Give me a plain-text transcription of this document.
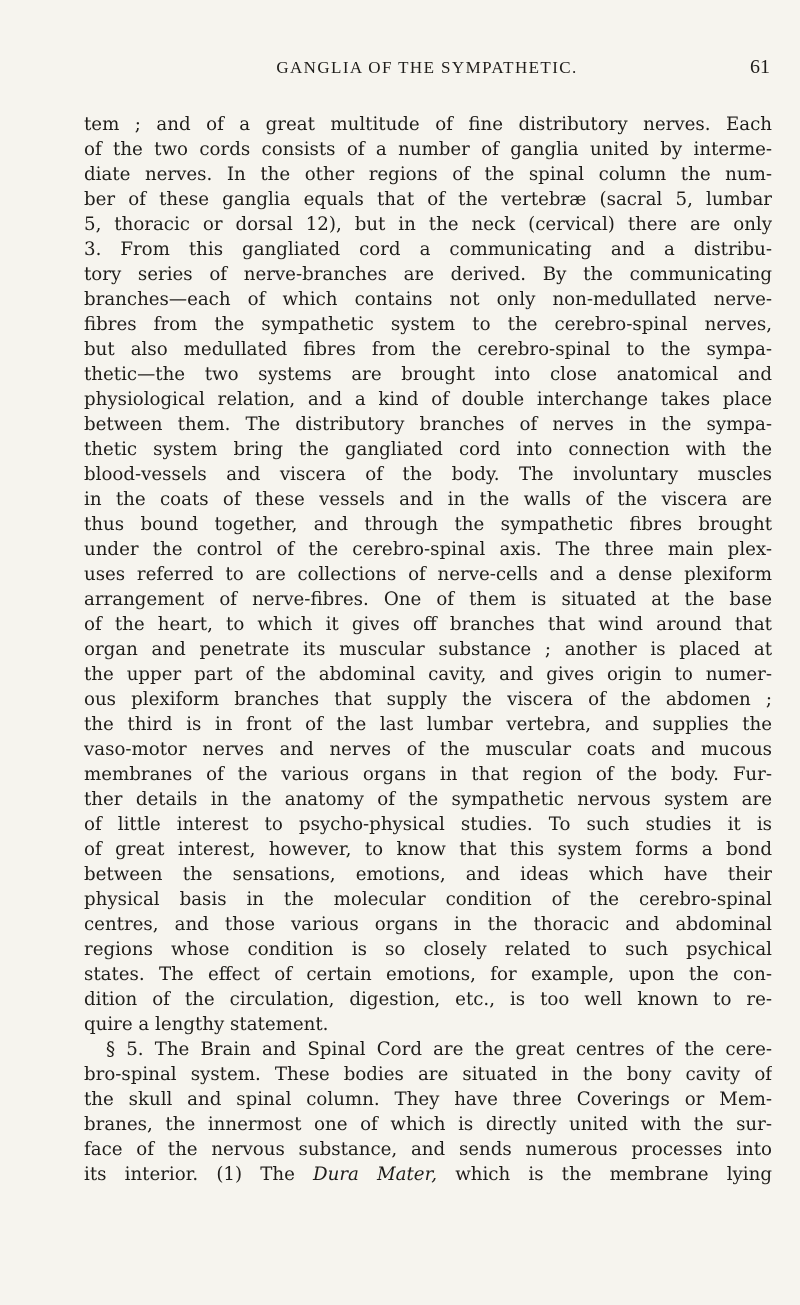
GANGLIA OF THE SYMPATHETIC.	61
tem ; and of a great multitude of fine distributory nerves. Each
of the two cords consists of a number of ganglia united by interme-
diate nerves. In the other regions of the spinal column the num-
ber of these ganglia equals that of the vertebræ (sacral 5, lumbar
5, thoracic or dorsal 12), but in the neck (cervical) there are only
3. From this gangliated cord a communicating and a distribu-
tory series of nerve-branches are derived. By the communicating
branches—each of which contains not only non-medullated nerve-
fibres from the sympathetic system to the cerebro-spinal nerves,
but also medullated fibres from the cerebro-spinal to the sympa-
thetic—the two systems are brought into close anatomical and
physiological relation, and a kind of double interchange takes place
between them. The distributory branches of nerves in the sympa-
thetic system bring the gangliated cord into connection with the
blood-vessels and viscera of the body. The involuntary muscles
in the coats of these vessels and in the walls of the viscera are
thus bound together, and through the sympathetic fibres brought
under the control of the cerebro-spinal axis. The three main plex-
uses referred to are collections of nerve-cells and a dense plexiform
arrangement of nerve-fibres. One of them is situated at the base
of the heart, to which it gives off branches that wind around that
organ and penetrate its muscular substance ; another is placed at
the upper part of the abdominal cavity, and gives origin to numer-
ous plexiform branches that supply the viscera of the abdomen ;
the third is in front of the last lumbar vertebra, and supplies the
vaso-motor nerves and nerves of the muscular coats and mucous
membranes of the various organs in that region of the body. Fur-
ther details in the anatomy of the sympathetic nervous system are
of little interest to psycho-physical studies. To such studies it is
of great interest, however, to know that this system forms a bond
between the sensations, emotions, and ideas which have their
physical basis in the molecular condition of the cerebro-spinal
centres, and those various organs in the thoracic and abdominal
regions whose condition is so closely related to such psychical
states. The effect of certain emotions, for example, upon the con-
dition of the circulation, digestion, etc., is too well known to re-
quire a lengthy statement.
§ 5. The Brain and Spinal Cord are the great centres of the cere-
bro-spinal system. These bodies are situated in the bony cavity of
the skull and spinal column. They have three Coverings or Mem-
branes, the innermost one of which is directly united with the sur-
face of the nervous substance, and sends numerous processes into
its interior. (1) The Dura Mater, which is the membrane lying
